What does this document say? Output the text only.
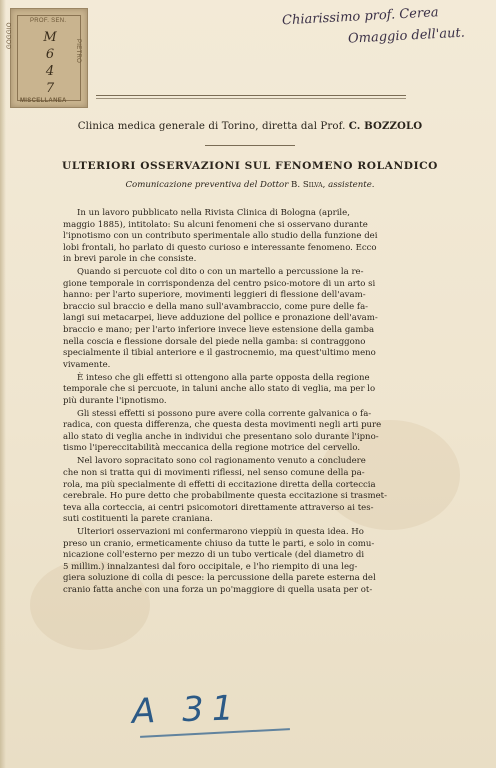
PROF. SEN.
GOGGIO
PIETRO
MISCELLANEA
M
6
4
7
Chiarissimo prof. Cerea
Omaggio dell'aut.
Clinica medica generale di Torino, diretta dal Prof. C. BOZZOLO
ULTERIORI OSSERVAZIONI SUL FENOMENO ROLANDICO
Comunicazione preventiva del Dottor B. Silva, assistente.

In un lavoro pubblicato nella Rivista Clinica di Bologna (aprile,
maggio 1885), intitolato: Su alcuni fenomeni che si osservano durante
l'ipnotismo con un contributo sperimentale allo studio della funzione dei
lobi frontali, ho parlato di questo curioso e interessante fenomeno. Ecco
in brevi parole in che consiste.

Quando si percuote col dito o con un martello a percussione la re-
gione temporale in corrispondenza del centro psico-motore di un arto si
hanno: per l'arto superiore, movimenti leggieri di flessione dell'avam-
braccio sul braccio e della mano sull'avambraccio, come pure delle fa-
langi sui metacarpei, lieve adduzione del pollice e pronazione dell'avam-
braccio e mano; per l'arto inferiore invece lieve estensione della gamba
nella coscia e flessione dorsale del piede nella gamba: si contraggono
specialmente il tibial anteriore e il gastrocnemio, ma quest'ultimo meno
vivamente.

È inteso che gli effetti si ottengono alla parte opposta della regione
temporale che si percuote, in taluni anche allo stato di veglia, ma per lo
più durante l'ipnotismo.

Gli stessi effetti si possono pure avere colla corrente galvanica o fa-
radica, con questa differenza, che questa desta movimenti negli arti pure
allo stato di veglia anche in individui che presentano solo durante l'ipno-
tismo l'ipereccitabilità meccanica della regione motrice del cervello.

Nel lavoro sopracitato sono col ragionamento venuto a concludere
che non si tratta qui di movimenti riflessi, nel senso comune della pa-
rola, ma più specialmente di effetti di eccitazione diretta della corteccia
cerebrale. Ho pure detto che probabilmente questa eccitazione si trasmet-
teva alla corteccia, ai centri psicomotori direttamente attraverso ai tes-
suti costituenti la parete craniana.

Ulteriori osservazioni mi confermarono vieppiù in questa idea. Ho
preso un cranio, ermeticamente chiuso da tutte le parti, e solo in comu-
nicazione coll'esterno per mezzo di un tubo verticale (del diametro di
5 millim.) innalzantesi dal foro occipitale, e l'ho riempito di una leg-
giera soluzione di colla di pesce: la percussione della parete esterna del
cranio fatta anche con una forza un po'maggiore di quella usata per ot-

A 31
